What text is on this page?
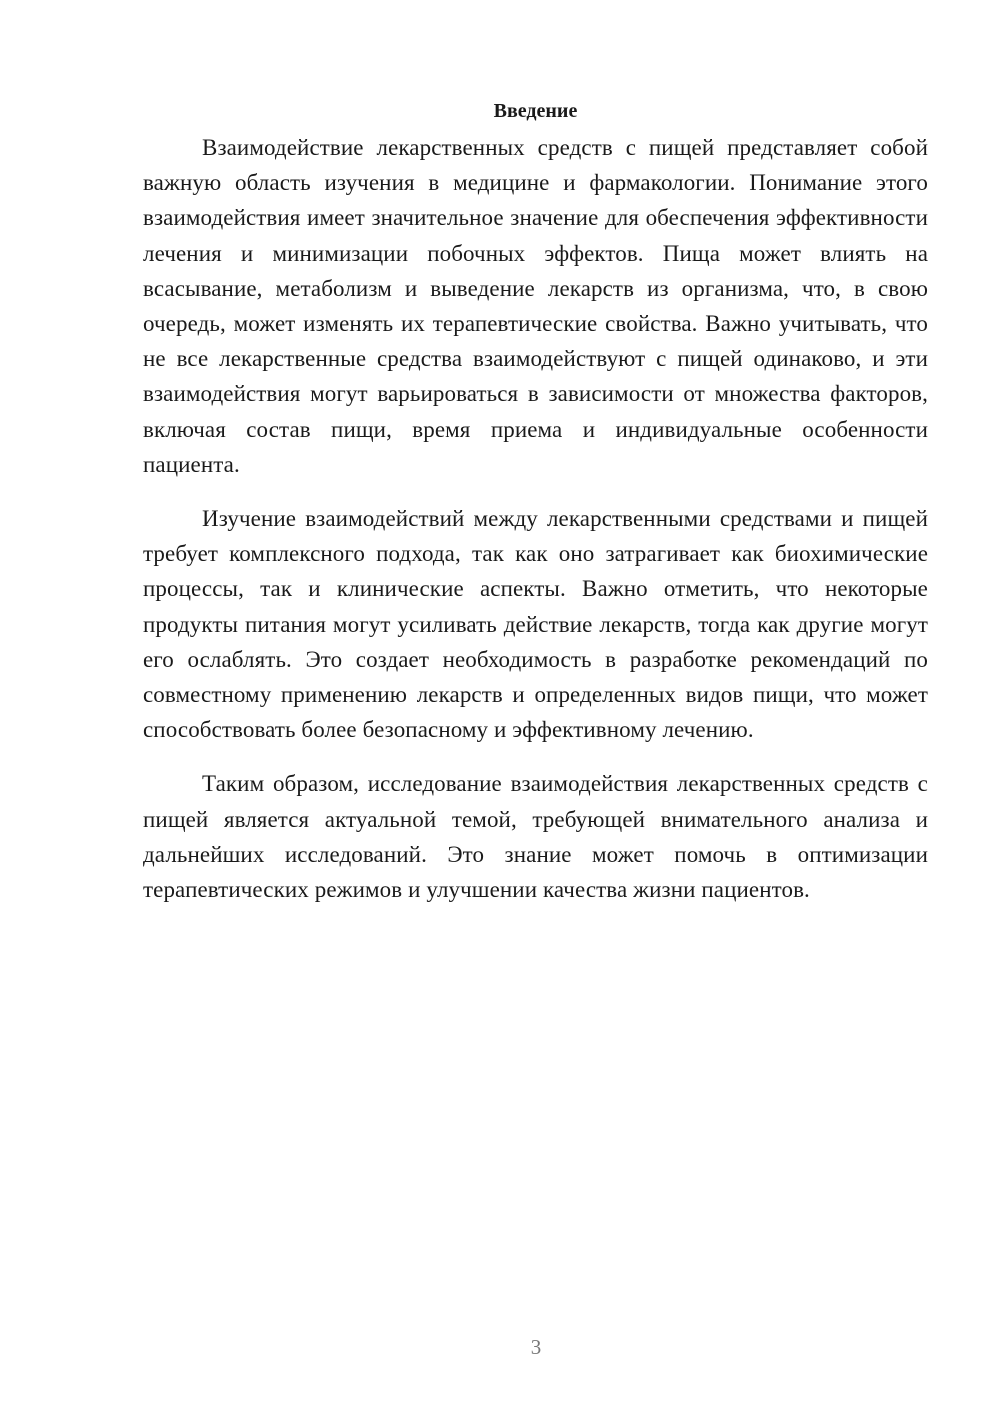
Введение

Взаимодействие лекарственных средств с пищей представляет собой важную область изучения в медицине и фармакологии. Понимание этого взаимодействия имеет значительное значение для обеспечения эффективности лечения и минимизации побочных эффектов. Пища может влиять на всасывание, метаболизм и выведение лекарств из организма, что, в свою очередь, может изменять их терапевтические свойства. Важно учитывать, что не все лекарственные средства взаимодействуют с пищей одинаково, и эти взаимодействия могут варьироваться в зависимости от множества факторов, включая состав пищи, время приема и индивидуальные особенности пациента.

Изучение взаимодействий между лекарственными средствами и пищей требует комплексного подхода, так как оно затрагивает как биохимические процессы, так и клинические аспекты. Важно отметить, что некоторые продукты питания могут усиливать действие лекарств, тогда как другие могут его ослаблять. Это создает необходимость в разработке рекомендаций по совместному применению лекарств и определенных видов пищи, что может способствовать более безопасному и эффективному лечению.

Таким образом, исследование взаимодействия лекарственных средств с пищей является актуальной темой, требующей внимательного анализа и дальнейших исследований. Это знание может помочь в оптимизации терапевтических режимов и улучшении качества жизни пациентов.

3
